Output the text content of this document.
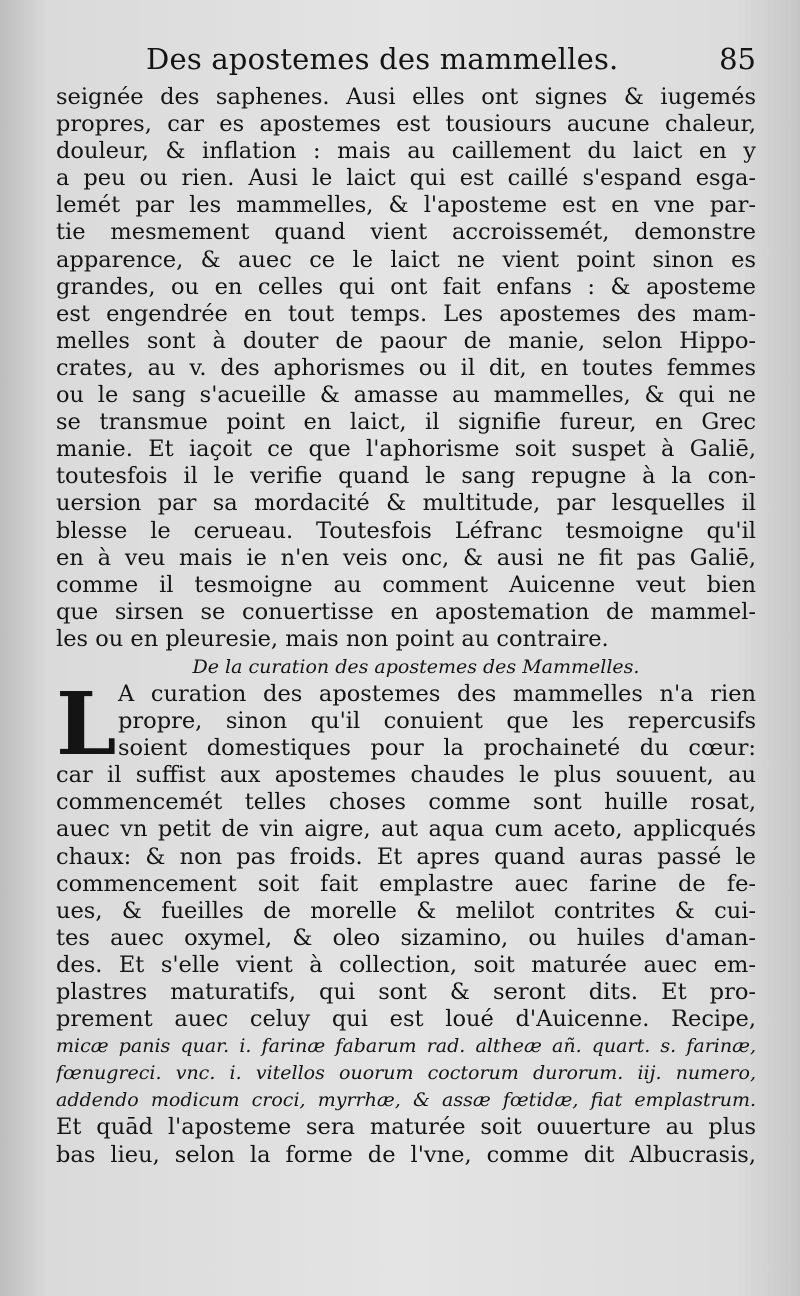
Des apostemes des mammelles.	85
seignée des saphenes. Ausi elles ont signes & iugemés
propres, car es apostemes est tousiours aucune chaleur,
douleur, & inflation : mais au caillement du laict en y
a peu ou rien. Ausi le laict qui est caillé s'espand esga-
lemét par les mammelles, & l'aposteme est en vne par-
tie mesmement quand vient accroissemét, demonstre
apparence, & auec ce le laict ne vient point sinon es
grandes, ou en celles qui ont fait enfans : & aposteme
est engendrée en tout temps. Les apostemes des mam-
melles sont à douter de paour de manie, selon Hippo-
crates, au v. des aphorismes ou il dit, en toutes femmes
ou le sang s'acueille & amasse au mammelles, & qui ne
se transmue point en laict, il signifie fureur, en Grec
manie. Et iaçoit ce que l'aphorisme soit suspet à Galiē,
toutesfois il le verifie quand le sang repugne à la con-
uersion par sa mordacité & multitude, par lesquelles il
blesse le cerueau. Toutesfois Léfranc tesmoigne qu'il
en à veu mais ie n'en veis onc, & ausi ne fit pas Galiē,
comme il tesmoigne au comment Auicenne veut bien
que sirsen se conuertisse en apostemation de mammel-
les ou en pleuresie, mais non point au contraire.
De la curation des apostemes des Mammelles.
L A curation des apostemes des mammelles n'a rien
propre, sinon qu'il conuient que les repercusifs
soient domestiques pour la prochaineté du cœur:
car il suffist aux apostemes chaudes le plus souuent, au
commencemét telles choses comme sont huille rosat,
auec vn petit de vin aigre, aut aqua cum aceto, applicqués
chaux: & non pas froids. Et apres quand auras passé le
commencement soit fait emplastre auec farine de fe-
ues, & fueilles de morelle & melilot contrites & cui-
tes auec oxymel, & oleo sizamino, ou huiles d'aman-
des. Et s'elle vient à collection, soit maturée auec em-
plastres maturatifs, qui sont & seront dits. Et pro-
prement auec celuy qui est loué d'Auicenne. Recipe,
micæ panis quar. i. farinæ fabarum rad. altheæ añ. quart. s. farinæ,
fœnugreci. vnc. i. vitellos ouorum coctorum durorum. iij. numero,
addendo modicum croci, myrrhæ, & assæ fœtidæ, fiat emplastrum.
Et quād l'aposteme sera maturée soit ouuerture au plus
bas lieu, selon la forme de l'vne, comme dit Albucrasis,
